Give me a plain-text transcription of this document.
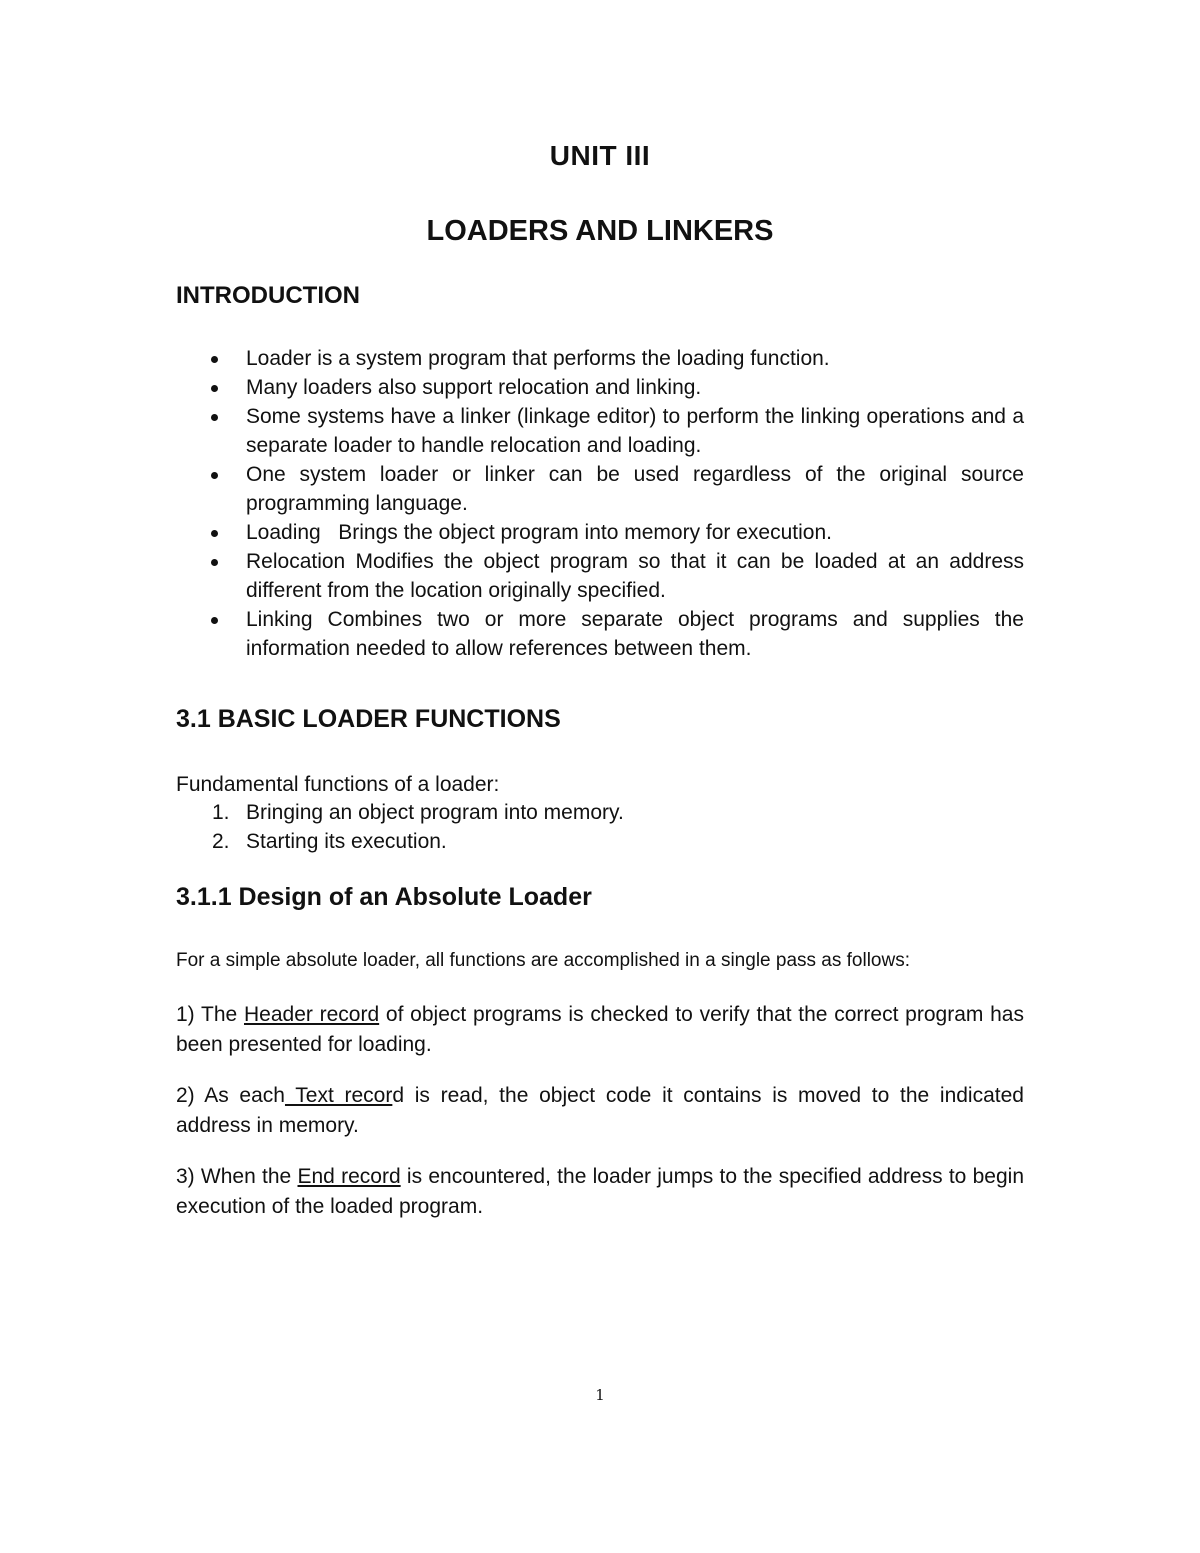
UNIT III
LOADERS AND LINKERS
INTRODUCTION
Loader is a system program that performs the loading function.
Many loaders also support relocation and linking.
Some systems have a linker (linkage editor) to perform the linking operations and a separate loader to handle relocation and loading.
One system loader or linker can be used regardless of the original source programming language.
Loading   Brings the object program into memory for execution.
Relocation Modifies the object program so that it can be loaded at an address different from the location originally specified.
Linking Combines two or more separate object programs and supplies the information needed to allow references between them.
3.1 BASIC LOADER FUNCTIONS
Fundamental functions of a loader:
1. Bringing an object program into memory.
2. Starting its execution.
3.1.1 Design of an Absolute Loader
For a simple absolute loader, all functions are accomplished in a single pass as follows:
1) The Header record of object programs is checked to verify that the correct program has been presented for loading.
2) As each Text record is read, the object code it contains is moved to the indicated address in memory.
3) When the End record is encountered, the loader jumps to the specified address to begin execution of the loaded program.
1
